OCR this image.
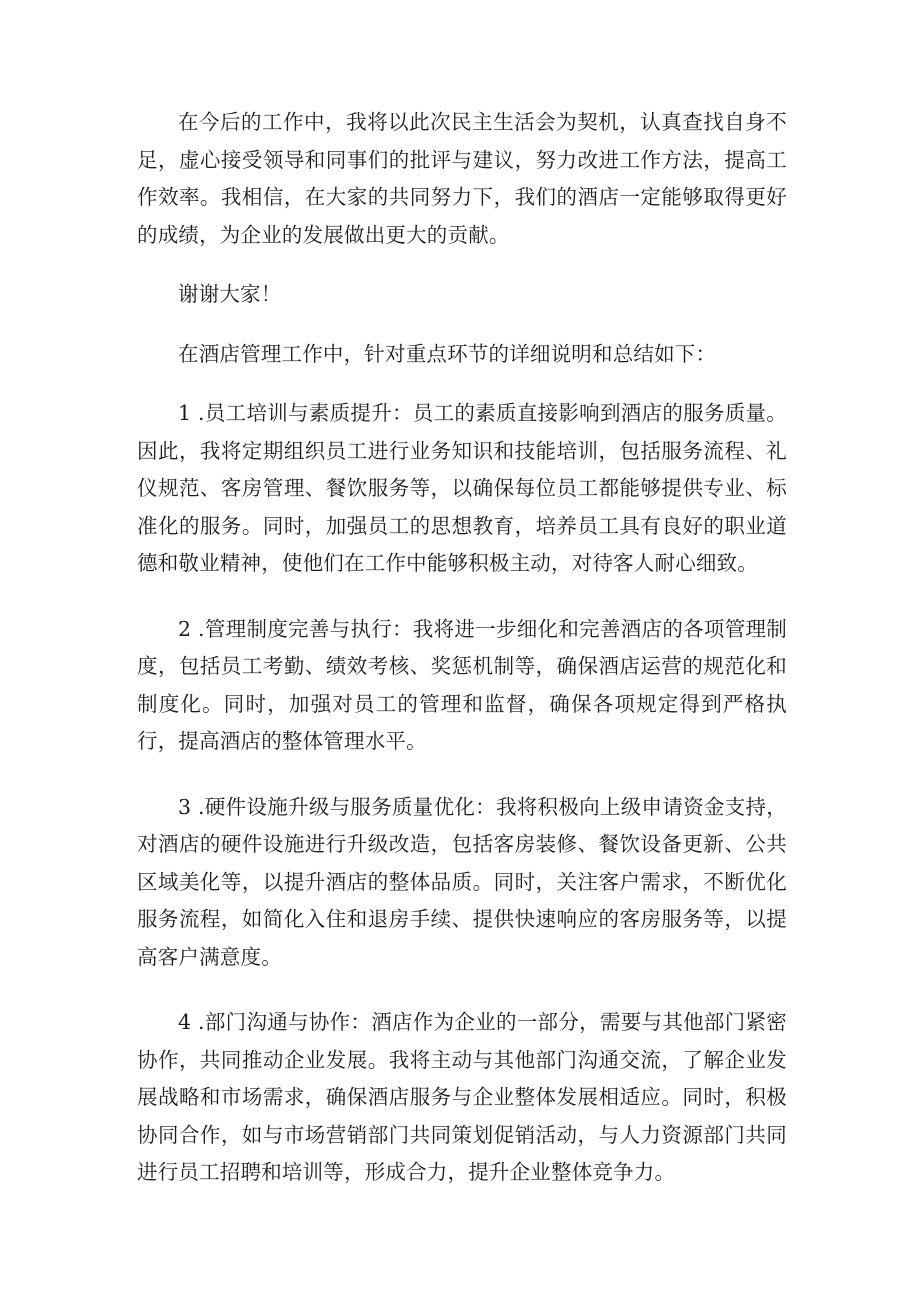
在今后的工作中，我将以此次民主生活会为契机，认真查找自身不足，虚心接受领导和同事们的批评与建议，努力改进工作方法，提高工作效率。我相信，在大家的共同努力下，我们的酒店一定能够取得更好的成绩，为企业的发展做出更大的贡献。

谢谢大家！

在酒店管理工作中，针对重点环节的详细说明和总结如下：

1 .员工培训与素质提升：员工的素质直接影响到酒店的服务质量。因此，我将定期组织员工进行业务知识和技能培训，包括服务流程、礼仪规范、客房管理、餐饮服务等，以确保每位员工都能够提供专业、标准化的服务。同时，加强员工的思想教育，培养员工具有良好的职业道德和敬业精神，使他们在工作中能够积极主动，对待客人耐心细致。

2 .管理制度完善与执行：我将进一步细化和完善酒店的各项管理制度，包括员工考勤、绩效考核、奖惩机制等，确保酒店运营的规范化和制度化。同时，加强对员工的管理和监督，确保各项规定得到严格执行，提高酒店的整体管理水平。

3 .硬件设施升级与服务质量优化：我将积极向上级申请资金支持，对酒店的硬件设施进行升级改造，包括客房装修、餐饮设备更新、公共区域美化等，以提升酒店的整体品质。同时，关注客户需求，不断优化服务流程，如简化入住和退房手续、提供快速响应的客房服务等，以提高客户满意度。

4 .部门沟通与协作：酒店作为企业的一部分，需要与其他部门紧密协作，共同推动企业发展。我将主动与其他部门沟通交流，了解企业发展战略和市场需求，确保酒店服务与企业整体发展相适应。同时，积极协同合作，如与市场营销部门共同策划促销活动，与人力资源部门共同进行员工招聘和培训等，形成合力，提升企业整体竞争力。
